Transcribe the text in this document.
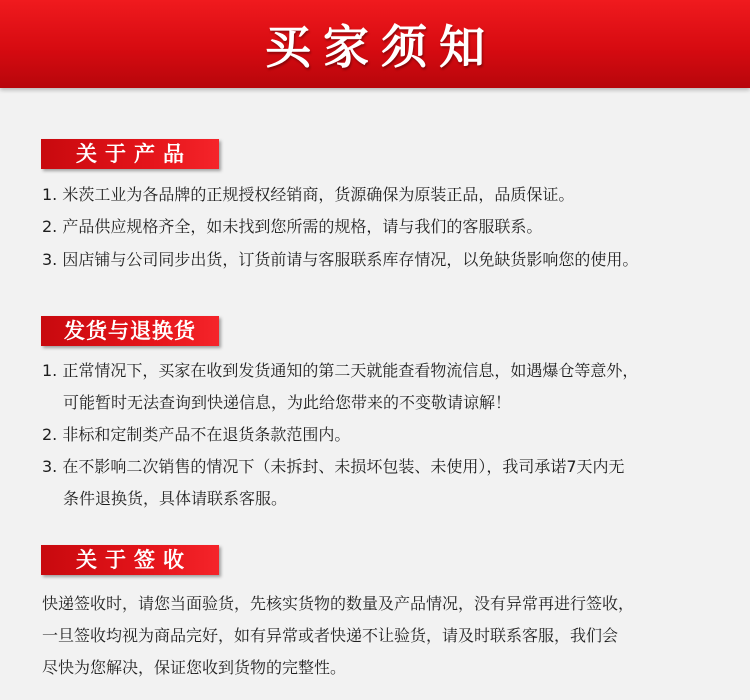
买家须知
关于产品
1. 米茨工业为各品牌的正规授权经销商，货源确保为原装正品，品质保证。
2. 产品供应规格齐全，如未找到您所需的规格，请与我们的客服联系。
3. 因店铺与公司同步出货，订货前请与客服联系库存情况，以免缺货影响您的使用。
发货与退换货
1. 正常情况下，买家在收到发货通知的第二天就能查看物流信息，如遇爆仓等意外，
可能暂时无法查询到快递信息，为此给您带来的不变敬请谅解！
2. 非标和定制类产品不在退货条款范围内。
3. 在不影响二次销售的情况下（未拆封、未损坏包装、未使用），我司承诺7天内无
条件退换货，具体请联系客服。
关于签收
快递签收时，请您当面验货，先核实货物的数量及产品情况，没有异常再进行签收，
一旦签收均视为商品完好，如有异常或者快递不让验货，请及时联系客服，我们会
尽快为您解决，保证您收到货物的完整性。
